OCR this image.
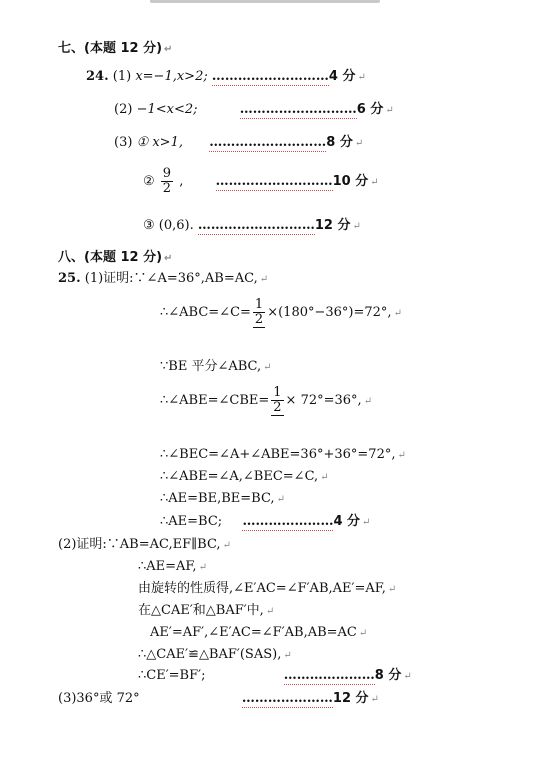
七、(本题 12 分) ↵
24. (1) x=−1,x>2; ………………………4 分 ↵
(2) −1<x<2;	………………………6 分 ↵
(3) ① x>1, ………………………8 分 ↵
② $\frac{9}{2}$ , ………………………10 分 ↵
③ (0,6). ………………………12 分 ↵
八、(本题 12 分) ↵
25. (1)证明:∵∠A=36°,AB=AC, ↵
∴∠ABC=∠C= $\frac{1}{2} \times(180^\circ-36^\circ)=72^\circ$, ↵
∵BE 平分∠ABC, ↵
∴∠ABE=∠CBE= $\frac{1}{2} \times 72^\circ=36^\circ$, ↵
∴∠BEC=∠A+∠ABE=36°+36°=72°, ↵
∴∠ABE=∠A,∠BEC=∠C, ↵
∴AE=BE,BE=BC, ↵
∴AE=BC; …………………4 分 ↵
(2)证明:∵AB=AC,EF∥BC, ↵
∴AE=AF, ↵
由旋转的性质得,∠E′AC=∠F′AB,AE′=AF, ↵
在△CAE′和△BAF′中, ↵
AE′=AF′,∠E′AC=∠F′AB,AB=AC ↵
∴△CAE′≌△BAF′(SAS), ↵
∴CE′=BF′;	…………………8 分 ↵
(3)36°或 72°	…………………12 分 ↵
